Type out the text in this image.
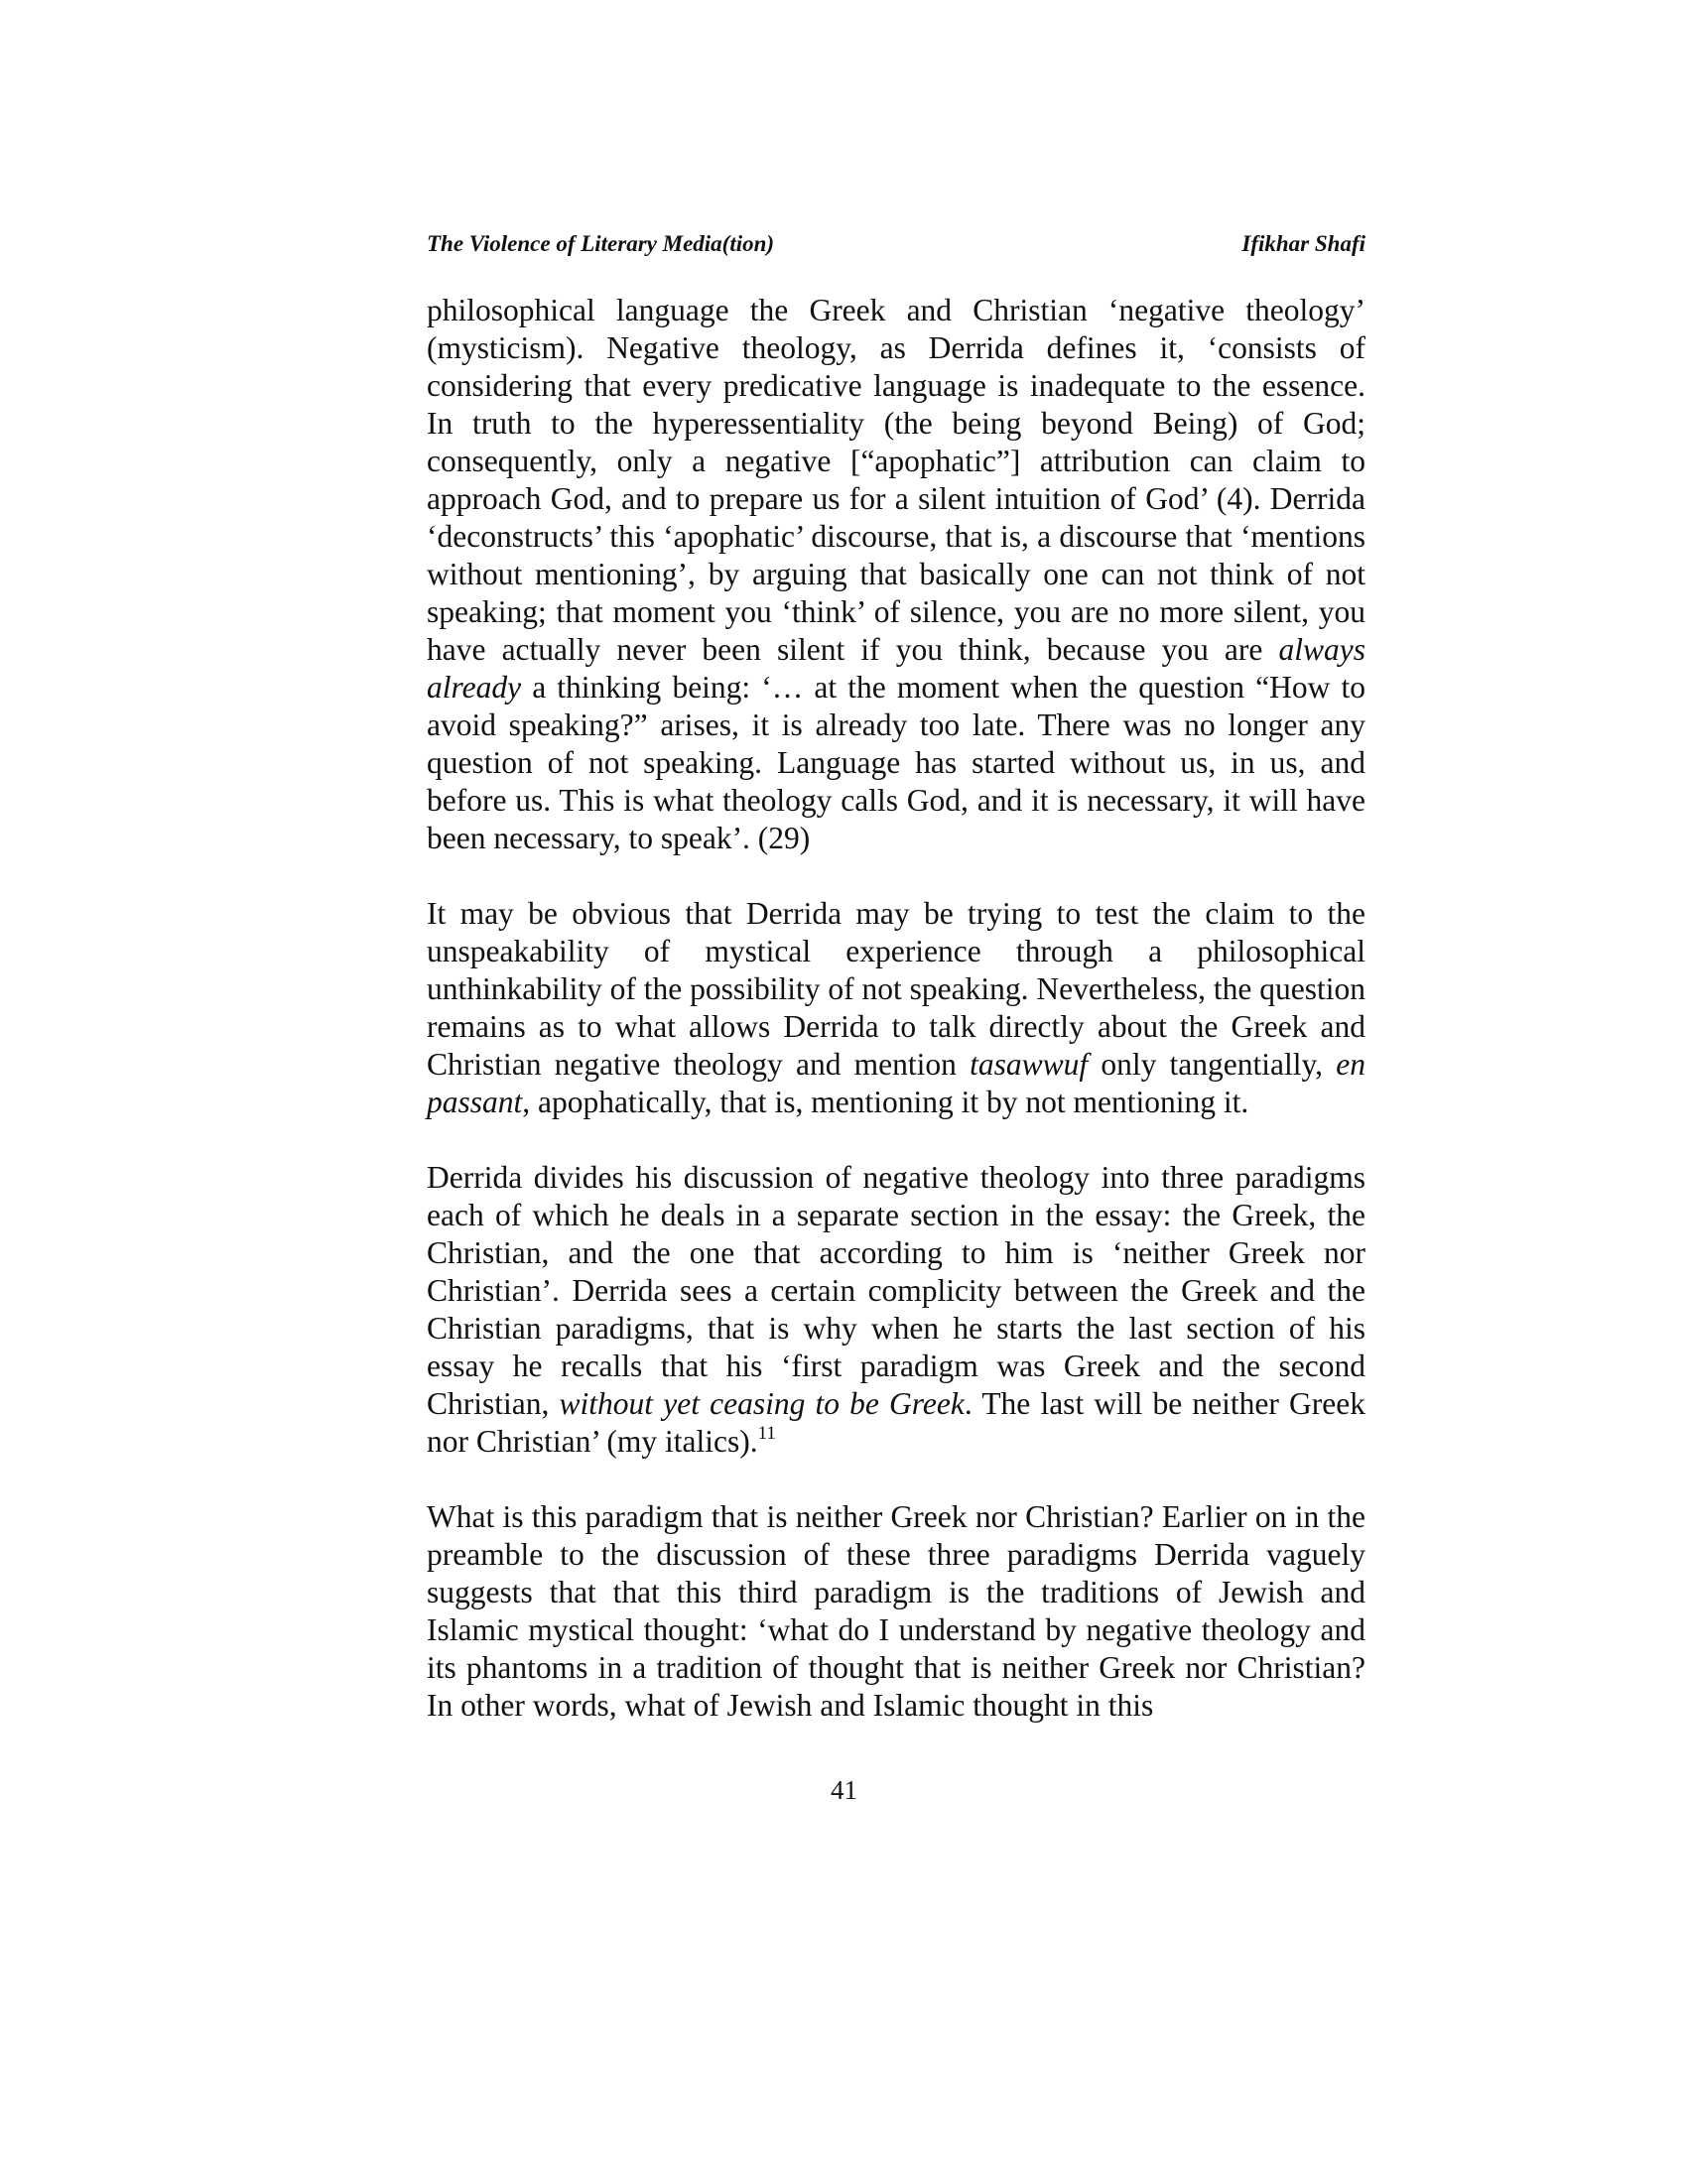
The Violence of Literary Media(tion)	Ifikhar Shafi

philosophical language the Greek and Christian ‘negative theology’ (mysticism). Negative theology, as Derrida defines it, ‘consists of considering that every predicative language is inadequate to the essence. In truth to the hyperessentiality (the being beyond Being) of God; consequently, only a negative [“apophatic”] attribution can claim to approach God, and to prepare us for a silent intuition of God’ (4). Derrida ‘deconstructs’ this ‘apophatic’ discourse, that is, a discourse that ‘mentions without mentioning’, by arguing that basically one can not think of not speaking; that moment you ‘think’ of silence, you are no more silent, you have actually never been silent if you think, because you are always already a thinking being: ‘… at the moment when the question “How to avoid speaking?” arises, it is already too late. There was no longer any question of not speaking. Language has started without us, in us, and before us. This is what theology calls God, and it is necessary, it will have been necessary, to speak’. (29)

It may be obvious that Derrida may be trying to test the claim to the unspeakability of mystical experience through a philosophical unthinkability of the possibility of not speaking. Nevertheless, the question remains as to what allows Derrida to talk directly about the Greek and Christian negative theology and mention tasawwuf only tangentially, en passant, apophatically, that is, mentioning it by not mentioning it.

Derrida divides his discussion of negative theology into three paradigms each of which he deals in a separate section in the essay: the Greek, the Christian, and the one that according to him is ‘neither Greek nor Christian’. Derrida sees a certain complicity between the Greek and the Christian paradigms, that is why when he starts the last section of his essay he recalls that his ‘first paradigm was Greek and the second Christian, without yet ceasing to be Greek. The last will be neither Greek nor Christian’ (my italics).$^{11}$

What is this paradigm that is neither Greek nor Christian? Earlier on in the preamble to the discussion of these three paradigms Derrida vaguely suggests that that this third paradigm is the traditions of Jewish and Islamic mystical thought: ‘what do I understand by negative theology and its phantoms in a tradition of thought that is neither Greek nor Christian? In other words, what of Jewish and Islamic thought in this

41
